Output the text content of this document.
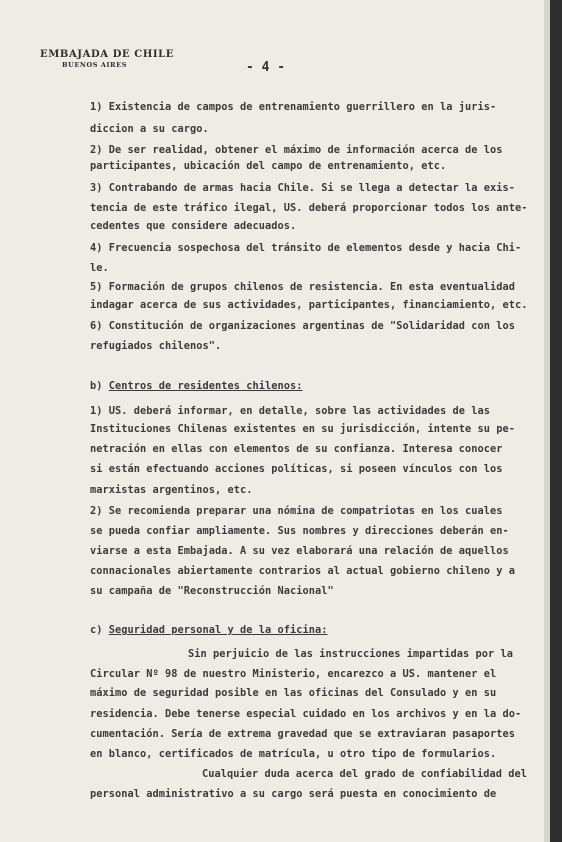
EMBAJADA DE CHILE
BUENOS AIRES	- 4 -
1) Existencia de campos de entrenamiento guerrillero en la juris-
diccion a su cargo.
2) De ser realidad, obtener el máximo de información acerca de los
participantes, ubicación del campo de entrenamiento, etc.
3) Contrabando de armas hacia Chile. Si se llega a detectar la exis-
tencia de este tráfico ilegal, US. deberá proporcionar todos los ante-
cedentes que considere adecuados.
4) Frecuencia sospechosa del tránsito de elementos desde y hacia Chi-
le.
5) Formación de grupos chilenos de resistencia. En esta eventualidad
indagar acerca de sus actividades, participantes, financiamiento, etc.
6) Constitución de organizaciones argentinas de "Solidaridad con los
refugiados chilenos".
b) Centros de residentes chilenos:
1) US. deberá informar, en detalle, sobre las actividades de las
Instituciones Chilenas existentes en su jurisdicción, intente su pe-
netración en ellas con elementos de su confianza. Interesa conocer
si están efectuando acciones políticas, si poseen vínculos con los
marxistas argentinos, etc.
2) Se recomienda preparar una nómina de compatriotas en los cuales
se pueda confiar ampliamente. Sus nombres y direcciones deberán en-
viarse a esta Embajada. A su vez elaborará una relación de aquellos
connacionales abiertamente contrarios al actual gobierno chileno y a
su campaña de "Reconstrucción Nacional"
c) Seguridad personal y de la oficina:
Sin perjuicio de las instrucciones impartidas por la
Circular Nº 98 de nuestro Ministerio, encarezco a US. mantener el
máximo de seguridad posible en las oficinas del Consulado y en su
residencia. Debe tenerse especial cuidado en los archivos y en la do-
cumentación. Sería de extrema gravedad que se extraviaran pasaportes
en blanco, certificados de matrícula, u otro tipo de formularios.
Cualquier duda acerca del grado de confiabilidad del
personal administrativo a su cargo será puesta en conocimiento de
